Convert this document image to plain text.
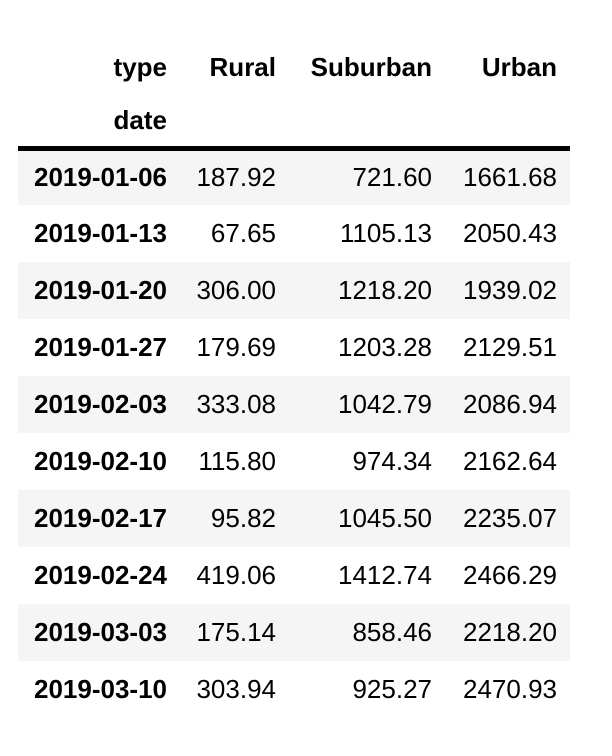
type	Rural	Suburban	Urban
date			
2019-01-06	187.92	721.60	1661.68
2019-01-13	67.65	1105.13	2050.43
2019-01-20	306.00	1218.20	1939.02
2019-01-27	179.69	1203.28	2129.51
2019-02-03	333.08	1042.79	2086.94
2019-02-10	115.80	974.34	2162.64
2019-02-17	95.82	1045.50	2235.07
2019-02-24	419.06	1412.74	2466.29
2019-03-03	175.14	858.46	2218.20
2019-03-10	303.94	925.27	2470.93
